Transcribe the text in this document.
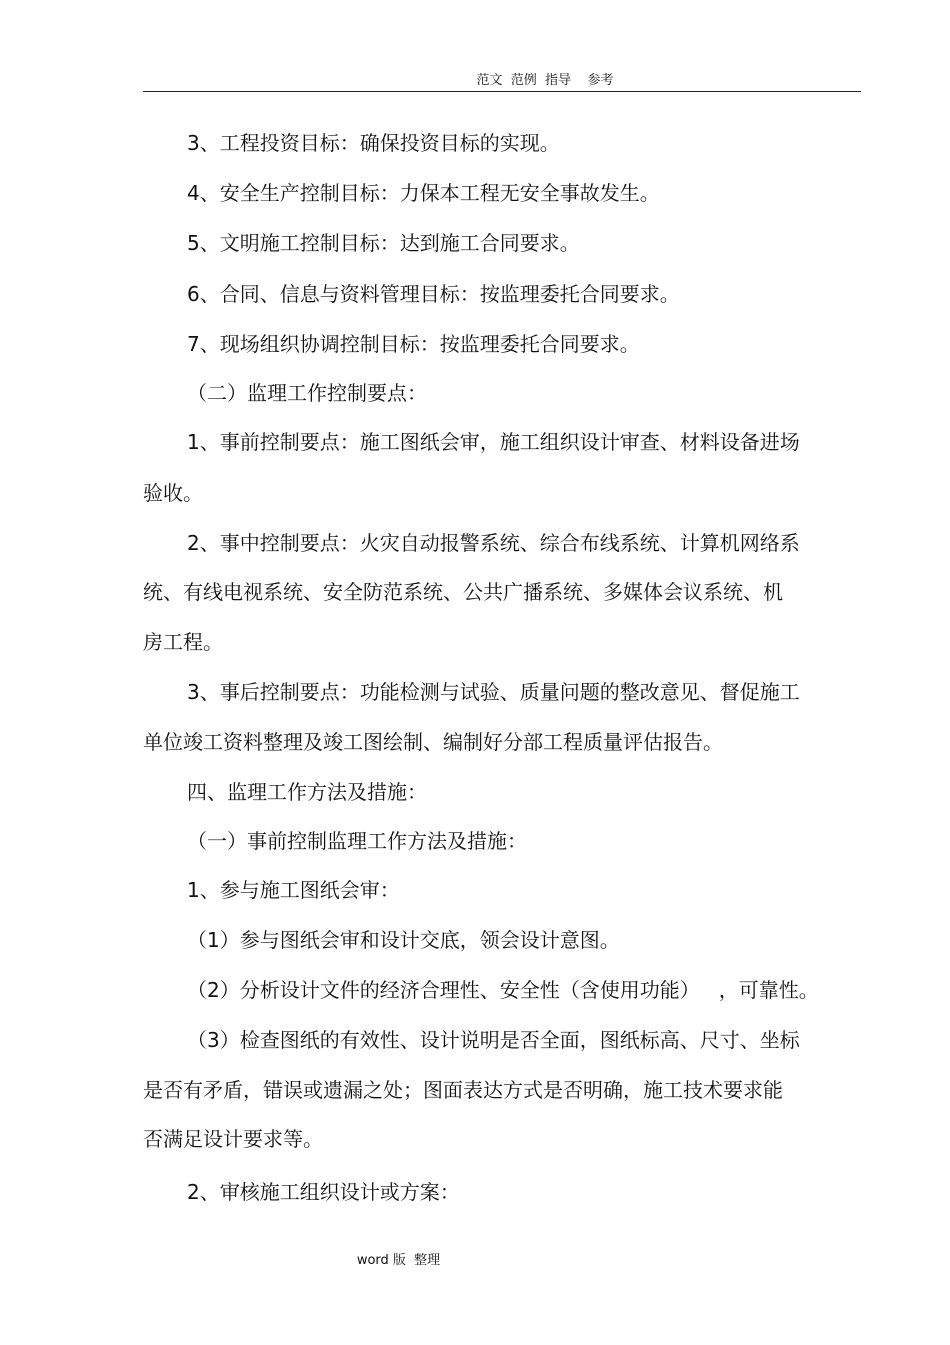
范文  范例  指导    参考
3、工程投资目标：确保投资目标的实现。
4、安全生产控制目标：力保本工程无安全事故发生。
5、文明施工控制目标：达到施工合同要求。
6、合同、信息与资料管理目标：按监理委托合同要求。
7、现场组织协调控制目标：按监理委托合同要求。
（二）监理工作控制要点：
1、事前控制要点：施工图纸会审，施工组织设计审查、材料设备进场
验收。
2、事中控制要点：火灾自动报警系统、综合布线系统、计算机网络系
统、有线电视系统、安全防范系统、公共广播系统、多媒体会议系统、机
房工程。
3、事后控制要点：功能检测与试验、质量问题的整改意见、督促施工
单位竣工资料整理及竣工图绘制、编制好分部工程质量评估报告。
四、监理工作方法及措施：
（一）事前控制监理工作方法及措施：
1、参与施工图纸会审：
（1）参与图纸会审和设计交底，领会设计意图。
（2）分析设计文件的经济合理性、安全性（含使用功能）   ，可靠性。
（3）检查图纸的有效性、设计说明是否全面，图纸标高、尺寸、坐标
是否有矛盾，错误或遗漏之处；图面表达方式是否明确，施工技术要求能
否满足设计要求等。
2、审核施工组织设计或方案：
word 版  整理
